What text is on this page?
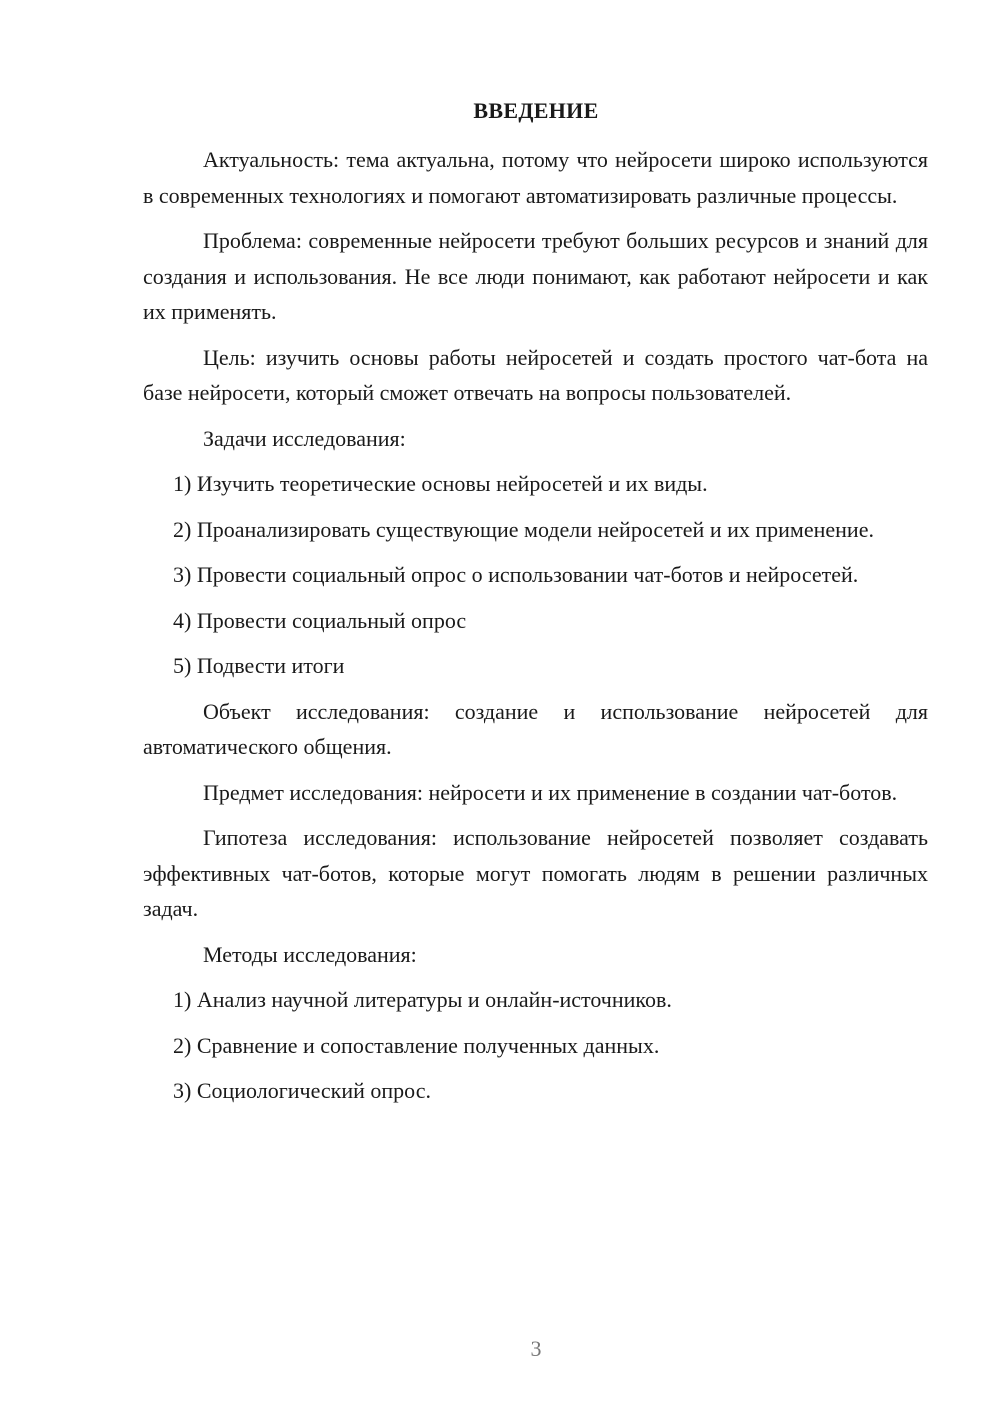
ВВЕДЕНИЕ

Актуальность: тема актуальна, потому что нейросети широко используются в современных технологиях и помогают автоматизировать различные процессы.

Проблема: современные нейросети требуют больших ресурсов и знаний для создания и использования. Не все люди понимают, как работают нейросети и как их применять.

Цель: изучить основы работы нейросетей и создать простого чат-бота на базе нейросети, который сможет отвечать на вопросы пользователей.

Задачи исследования:

1) Изучить теоретические основы нейросетей и их виды.

2) Проанализировать существующие модели нейросетей и их применение.

3) Провести социальный опрос о использовании чат-ботов и нейросетей.

4) Провести социальный опрос

5) Подвести итоги

Объект исследования: создание и использование нейросетей для автоматического общения.

Предмет исследования: нейросети и их применение в создании чат-ботов.

Гипотеза исследования: использование нейросетей позволяет создавать эффективных чат-ботов, которые могут помогать людям в решении различных задач.

Методы исследования:

1) Анализ научной литературы и онлайн-источников.

2) Сравнение и сопоставление полученных данных.

3) Социологический опрос.

3
